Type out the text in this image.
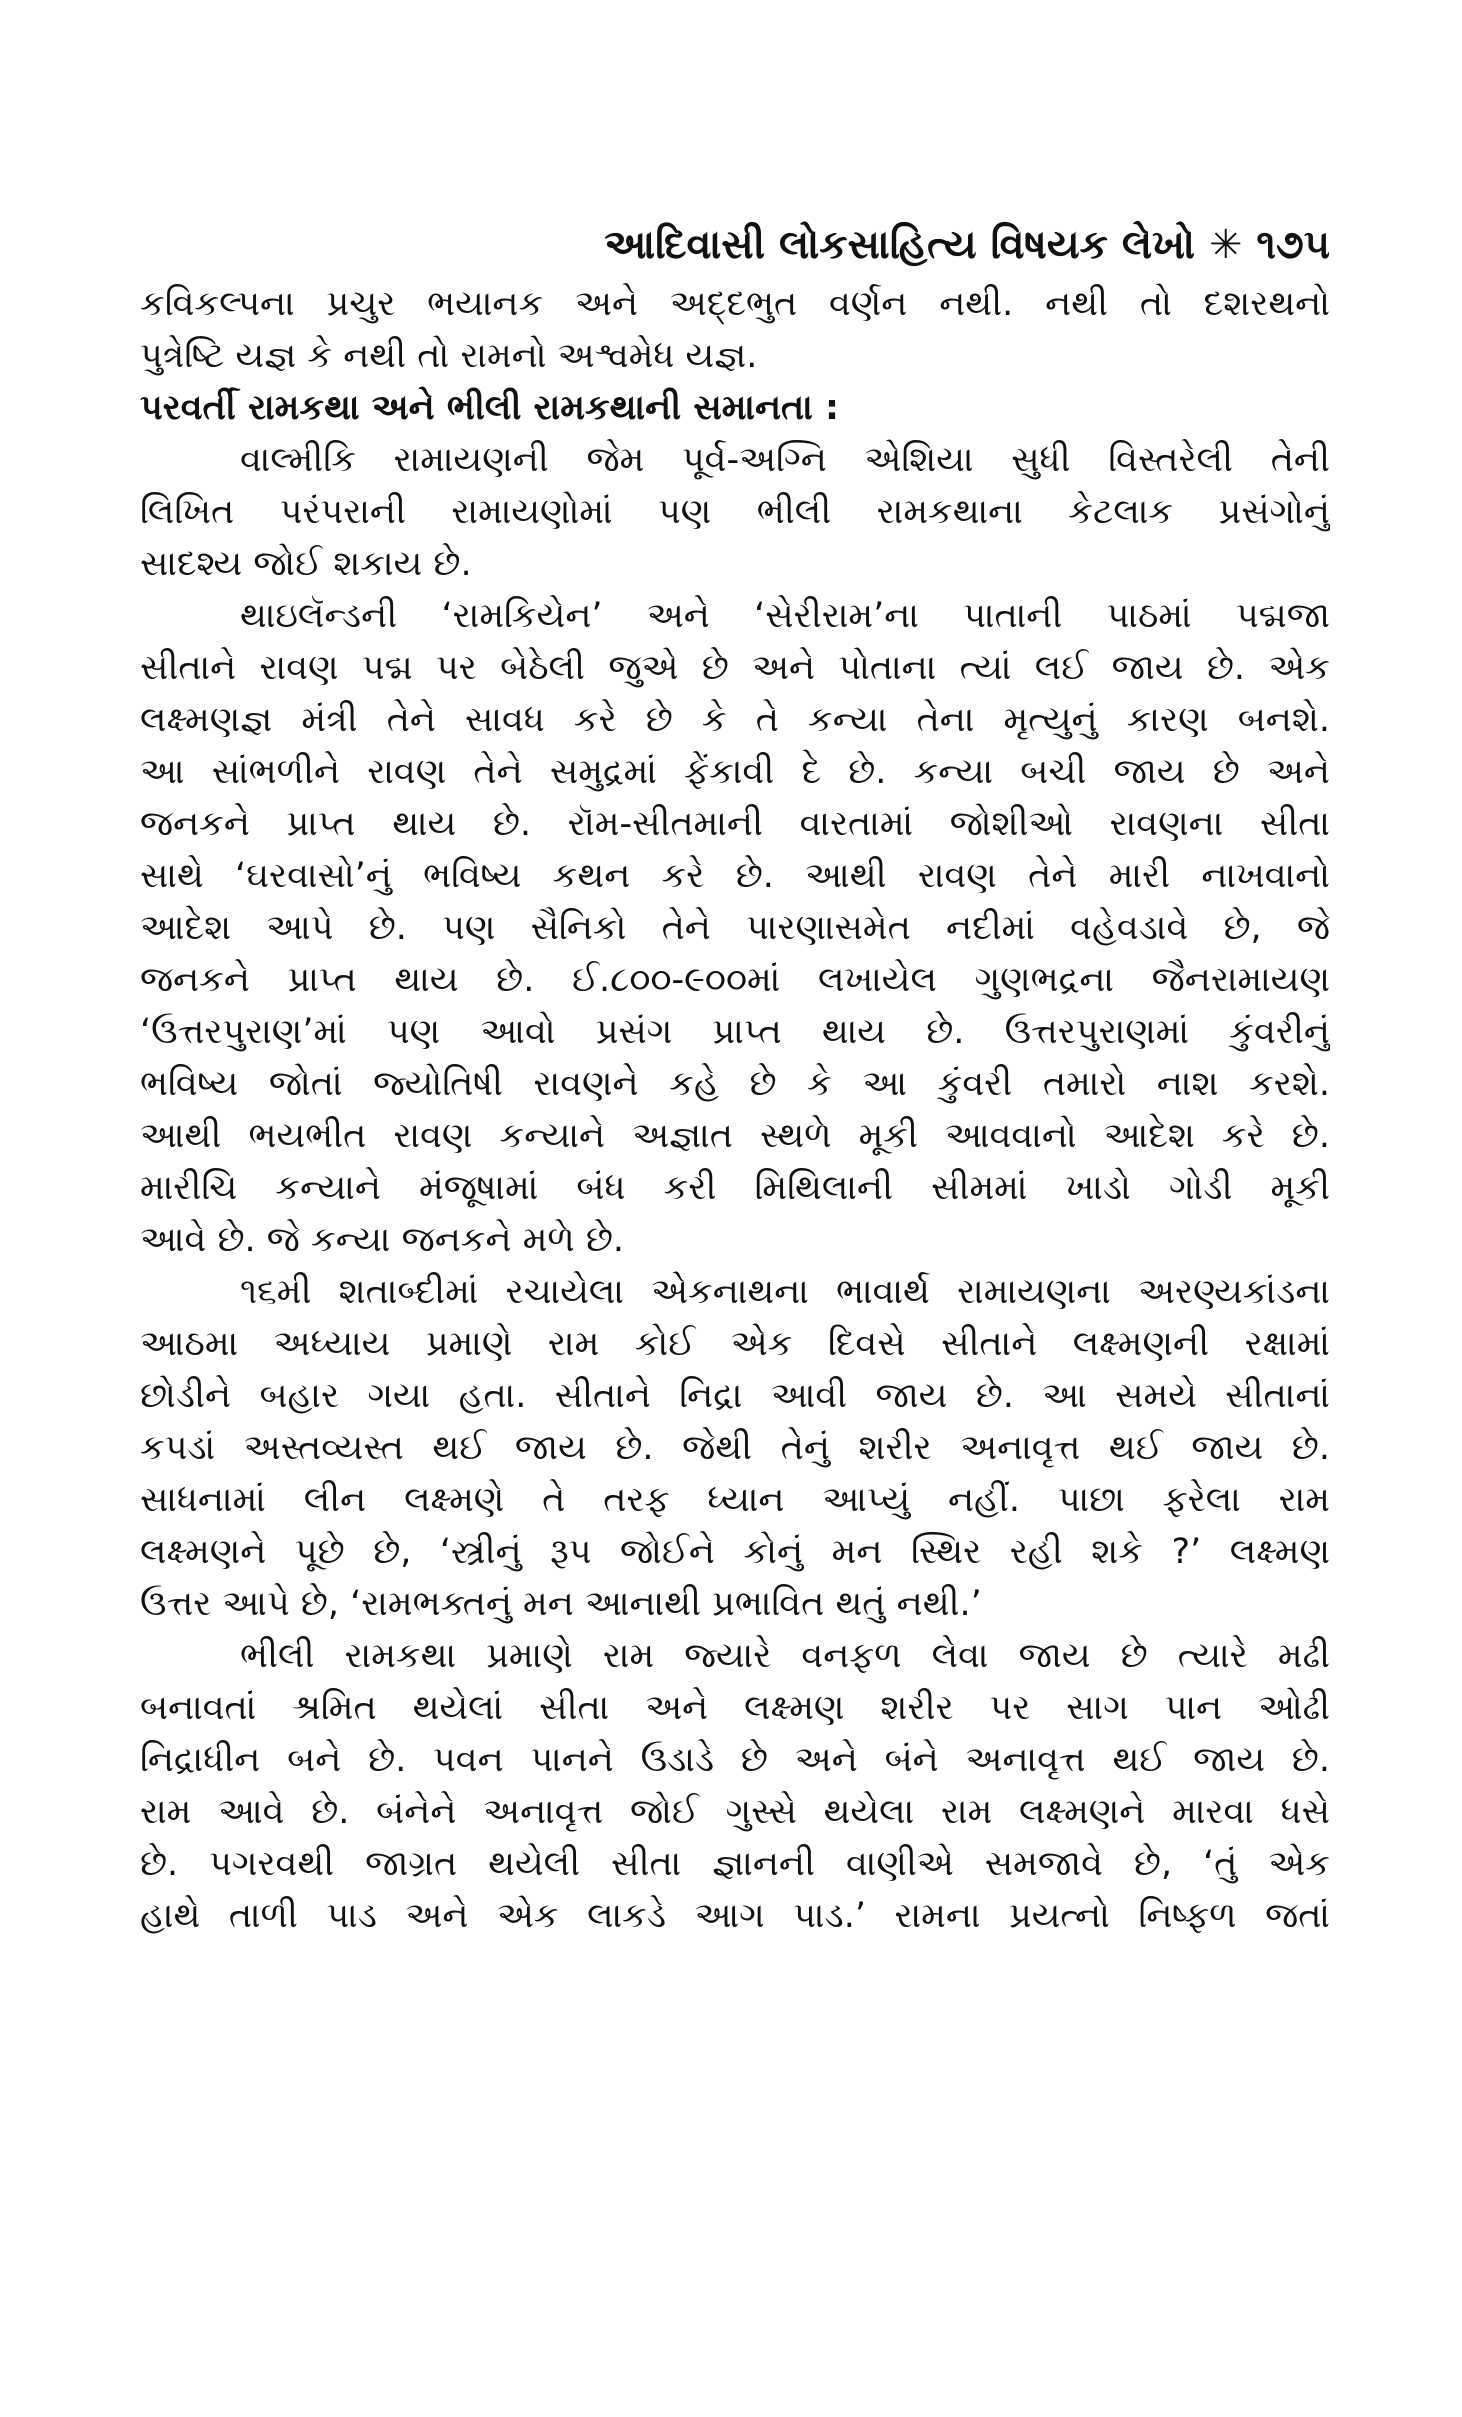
આદિવાસી લોકસાહિત્ય વિષયક લેખો ✳ ૧૭૫
કવિકલ્પના પ્રચુર ભયાનક અને અદ્દભુત વર્ણન નથી. નથી તો દશરથનો
પુત્રેષ્ટિ યજ્ઞ કે નથી તો રામનો અશ્વમેધ યજ્ઞ.
પરવર્તી રામકથા અને ભીલી રામકથાની સમાનતા :
વાલ્મીકિ રામાયણની જેમ પૂર્વ-અગ્નિ એશિયા સુધી વિસ્તરેલી તેની
લિખિત પરંપરાની રામાયણોમાં પણ ભીલી રામકથાના કેટલાક પ્રસંગોનું
સાદશ્ય જોઈ શકાય છે.
થાઇલૅન્ડની ‘રામકિયેન’ અને ‘સેરીરામ’ના પાતાની પાઠમાં પદ્મજા
સીતાને રાવણ પદ્મ પર બેઠેલી જુએ છે અને પોતાના ત્યાં લઈ જાય છે. એક
લક્ષ્મણજ્ઞ મંત્રી તેને સાવધ કરે છે કે તે કન્યા તેના મૃત્યુનું કારણ બનશે.
આ સાંભળીને રાવણ તેને સમુદ્રમાં ફેંકાવી દે છે. કન્યા બચી જાય છે અને
જનકને પ્રાપ્ત થાય છે. રૉમ-સીતમાની વારતામાં જોશીઓ રાવણના સીતા
સાથે ‘ઘરવાસો’નું ભવિષ્ય કથન કરે છે. આથી રાવણ તેને મારી નાખવાનો
આદેશ આપે છે. પણ સૈનિકો તેને પારણાસમેત નદીમાં વહેવડાવે છે, જે
જનકને પ્રાપ્ત થાય છે. ઈ.૮૦૦-૯૦૦માં લખાયેલ ગુણભદ્રના જૈનરામાયણ
‘ઉત્તરપુરાણ’માં પણ આવો પ્રસંગ પ્રાપ્ત થાય છે. ઉત્તરપુરાણમાં કુંવરીનું
ભવિષ્ય જોતાં જ્યોતિષી રાવણને કહે છે કે આ કુંવરી તમારો નાશ કરશે.
આથી ભયભીત રાવણ કન્યાને અજ્ઞાત સ્થળે મૂકી આવવાનો આદેશ કરે છે.
મારીચિ કન્યાને મંજૂષામાં બંધ કરી મિથિલાની સીમમાં ખાડો ગોડી મૂકી
આવે છે. જે કન્યા જનકને મળે છે.
૧૬મી શતાબ્દીમાં રચાયેલા એકનાથના ભાવાર્થ રામાયણના અરણ્યકાંડના
આઠમા અધ્યાય પ્રમાણે રામ કોઈ એક દિવસે સીતાને લક્ષ્મણની રક્ષામાં
છોડીને બહાર ગયા હતા. સીતાને નિદ્રા આવી જાય છે. આ સમયે સીતાનાં
કપડાં અસ્તવ્યસ્ત થઈ જાય છે. જેથી તેનું શરીર અનાવૃત્ત થઈ જાય છે.
સાધનામાં લીન લક્ષ્મણે તે તરફ ધ્યાન આપ્યું નહીં. પાછા ફરેલા રામ
લક્ષ્મણને પૂછે છે, ‘સ્ત્રીનું રૂપ જોઈને કોનું મન સ્થિર રહી શકે ?’ લક્ષ્મણ
ઉત્તર આપે છે, ‘રામભક્તનું મન આનાથી પ્રભાવિત થતું નથી.’
ભીલી રામકથા પ્રમાણે રામ જ્યારે વનફળ લેવા જાય છે ત્યારે મઢી
બનાવતાં શ્રમિત થયેલાં સીતા અને લક્ષ્મણ શરીર પર સાગ પાન ઓઢી
નિદ્રાધીન બને છે. પવન પાનને ઉડાડે છે અને બંને અનાવૃત્ત થઈ જાય છે.
રામ આવે છે. બંનેને અનાવૃત્ત જોઈ ગુસ્સે થયેલા રામ લક્ષ્મણને મારવા ધસે
છે. પગરવથી જાગ્રત થયેલી સીતા જ્ઞાનની વાણીએ સમજાવે છે, ‘તું એક
હાથે તાળી પાડ અને એક લાકડે આગ પાડ.’ રામના પ્રયત્નો નિષ્ફળ જતાં
